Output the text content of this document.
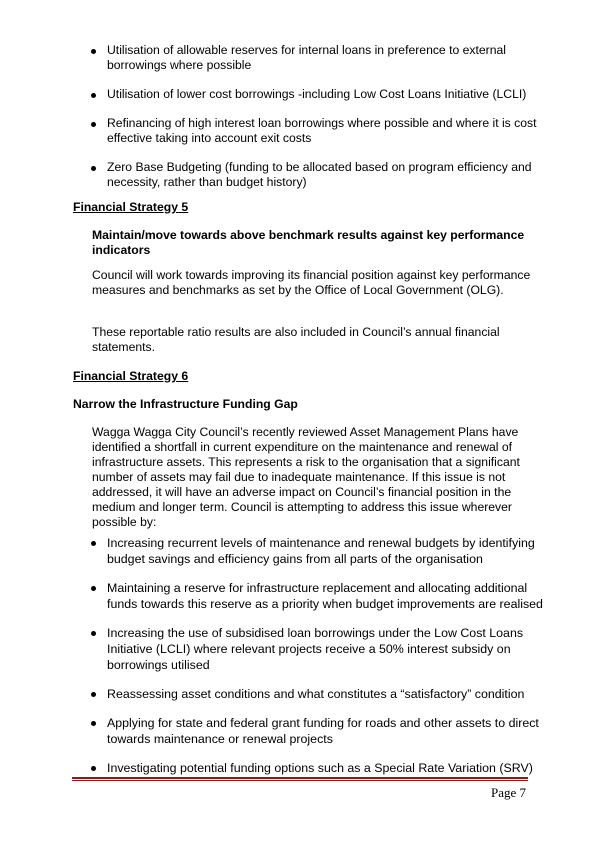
Utilisation of allowable reserves for internal loans in preference to external borrowings where possible
Utilisation of lower cost borrowings -including Low Cost Loans Initiative (LCLI)
Refinancing of high interest loan borrowings where possible and where it is cost effective taking into account exit costs
Zero Base Budgeting (funding to be allocated based on program efficiency and necessity, rather than budget history)
Financial Strategy 5
Maintain/move towards above benchmark results against key performance indicators
Council will work towards improving its financial position against key performance measures and benchmarks as set by the Office of Local Government (OLG).
These reportable ratio results are also included in Council’s annual financial statements.
Financial Strategy 6
Narrow the Infrastructure Funding Gap
Wagga Wagga City Council’s recently reviewed Asset Management Plans have identified a shortfall in current expenditure on the maintenance and renewal of infrastructure assets. This represents a risk to the organisation that a significant number of assets may fail due to inadequate maintenance. If this issue is not addressed, it will have an adverse impact on Council’s financial position in the medium and longer term. Council is attempting to address this issue wherever possible by:
Increasing recurrent levels of maintenance and renewal budgets by identifying budget savings and efficiency gains from all parts of the organisation
Maintaining a reserve for infrastructure replacement and allocating additional funds towards this reserve as a priority when budget improvements are realised
Increasing the use of subsidised loan borrowings under the Low Cost Loans Initiative (LCLI) where relevant projects receive a 50% interest subsidy on borrowings utilised
Reassessing asset conditions and what constitutes a “satisfactory” condition
Applying for state and federal grant funding for roads and other assets to direct towards maintenance or renewal projects
Investigating potential funding options such as a Special Rate Variation (SRV)
Page 7
